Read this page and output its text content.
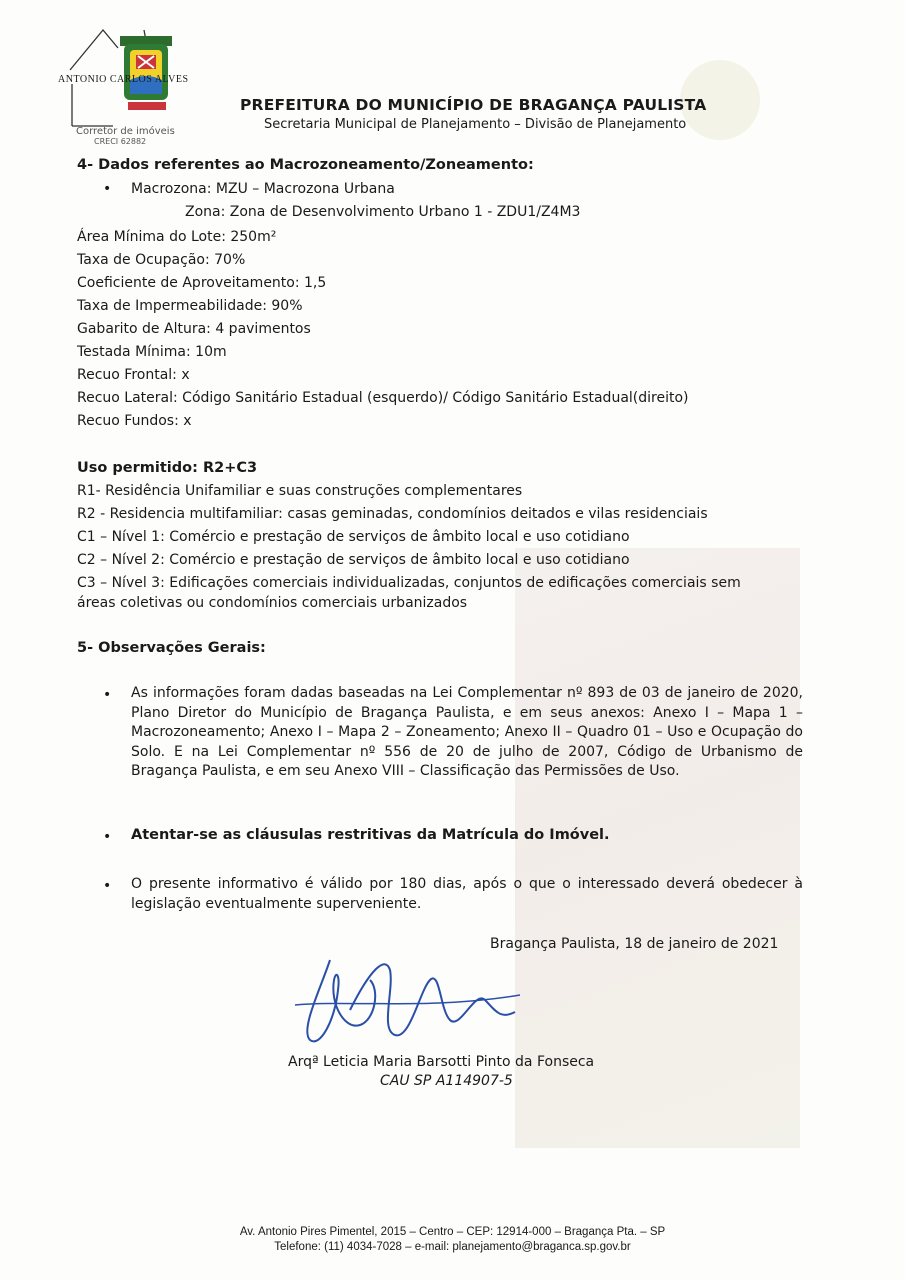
ANTONIO CARLOS ALVES
Corretor de imóveis
CRECI 62882
PREFEITURA DO MUNICÍPIO DE BRAGANÇA PAULISTA
Secretaria Municipal de Planejamento – Divisão de Planejamento
4- Dados referentes ao Macrozoneamento/Zoneamento:
• Macrozona: MZU – Macrozona Urbana
Zona: Zona de Desenvolvimento Urbano 1 - ZDU1/Z4M3
Área Mínima do Lote: 250m²
Taxa de Ocupação: 70%
Coeficiente de Aproveitamento: 1,5
Taxa de Impermeabilidade: 90%
Gabarito de Altura: 4 pavimentos
Testada Mínima: 10m
Recuo Frontal: x
Recuo Lateral: Código Sanitário Estadual (esquerdo)/ Código Sanitário Estadual(direito)
Recuo Fundos: x
Uso permitido: R2+C3
R1- Residência Unifamiliar e suas construções complementares
R2 - Residencia multifamiliar: casas geminadas, condomínios deitados e vilas residenciais
C1 – Nível 1: Comércio e prestação de serviços de âmbito local e uso cotidiano
C2 – Nível 2: Comércio e prestação de serviços de âmbito local e uso cotidiano
C3 – Nível 3: Edificações comerciais individualizadas, conjuntos de edificações comerciais sem
áreas coletivas ou condomínios comerciais urbanizados
5- Observações Gerais:
• As informações foram dadas baseadas na Lei Complementar nº 893 de 03 de janeiro de 2020, Plano Diretor do Município de Bragança Paulista, e em seus anexos: Anexo I – Mapa 1 – Macrozoneamento; Anexo I – Mapa 2 – Zoneamento; Anexo II – Quadro 01 – Uso e Ocupação do Solo. E na Lei Complementar nº 556 de 20 de julho de 2007, Código de Urbanismo de Bragança Paulista, e em seu Anexo VIII – Classificação das Permissões de Uso.
• Atentar-se as cláusulas restritivas da Matrícula do Imóvel.
• O presente informativo é válido por 180 dias, após o que o interessado deverá obedecer à legislação eventualmente superveniente.
Bragança Paulista, 18 de janeiro de 2021
Arqª Leticia Maria Barsotti Pinto da Fonseca
CAU SP A114907-5
Av. Antonio Pires Pimentel, 2015 – Centro – CEP: 12914-000 – Bragança Pta. – SP
Telefone: (11) 4034-7028 – e-mail: planejamento@braganca.sp.gov.br
